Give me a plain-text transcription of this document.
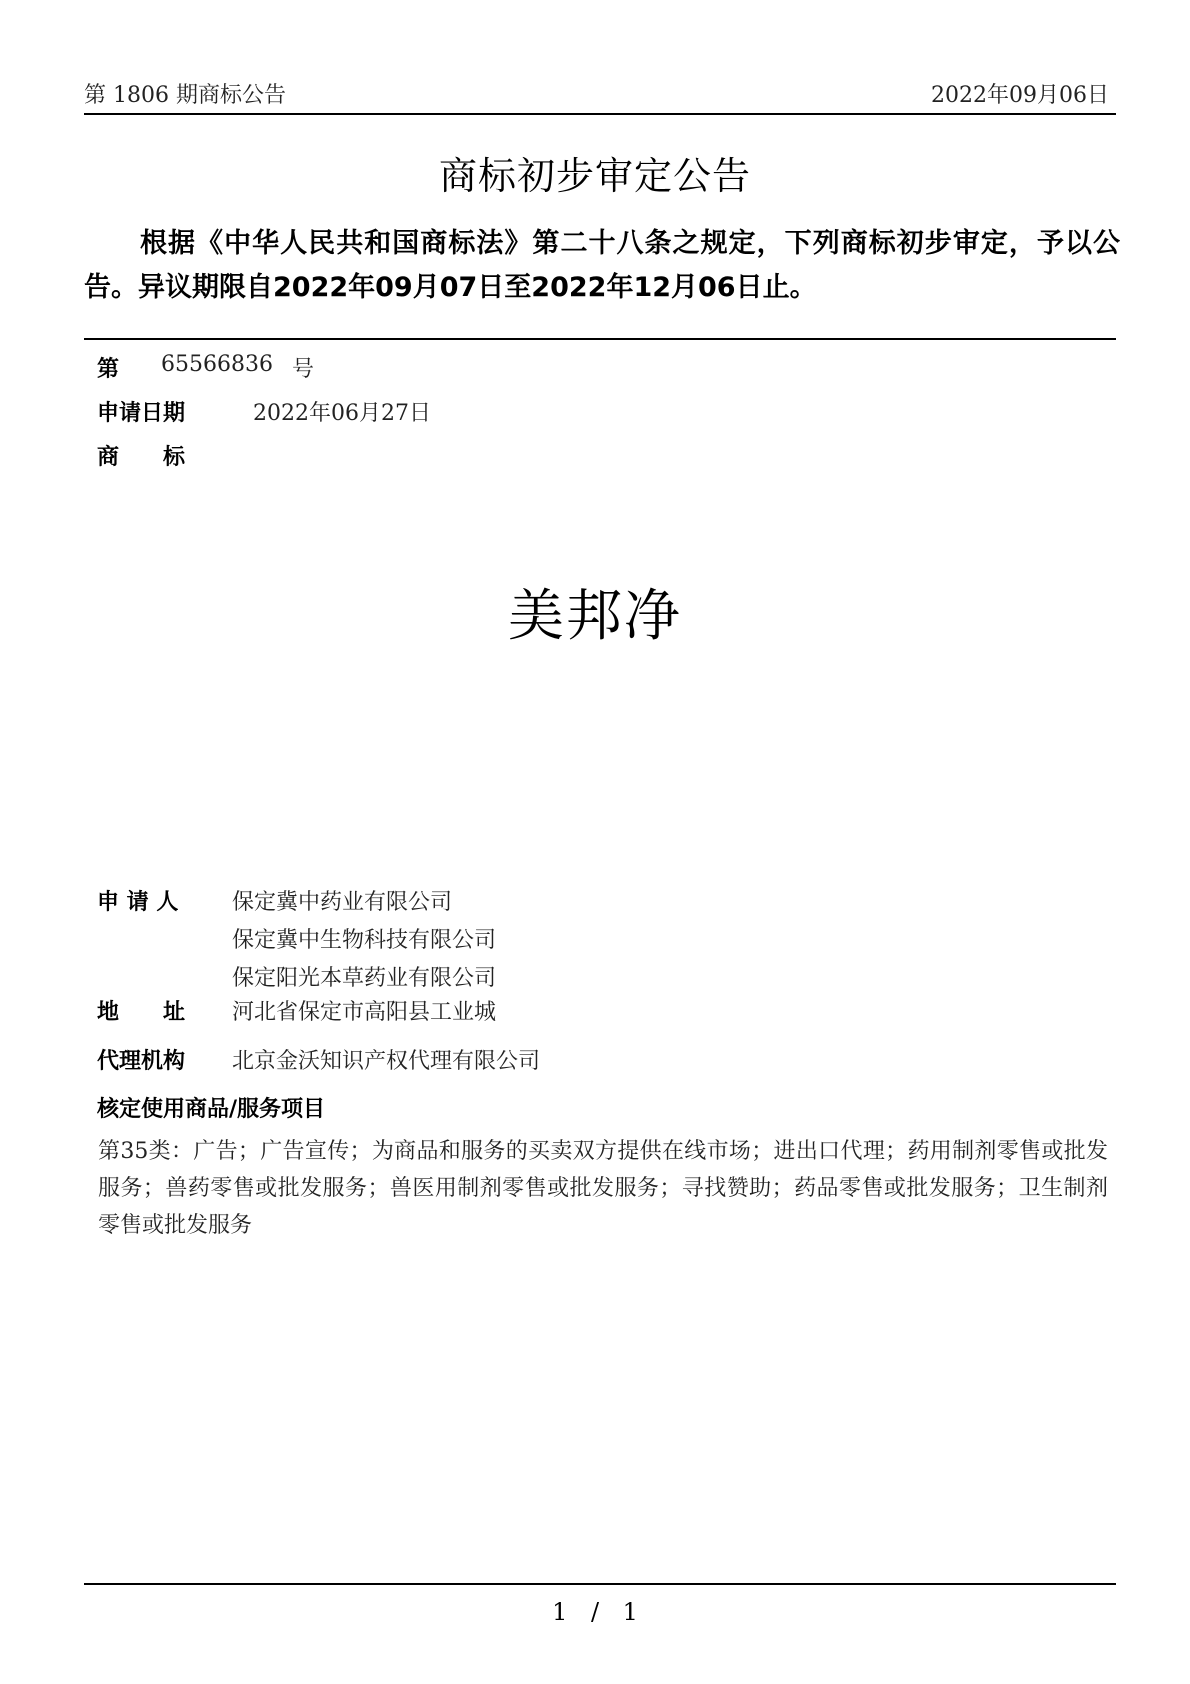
第 1806 期商标公告	2022年09月06日
商标初步审定公告
根据《中华人民共和国商标法》第二十八条之规定，下列商标初步审定，予以公告。异议期限自2022年09月07日至2022年12月06日止。
第 65566836 号
申请日期	2022年06月27日
商　　标
美邦净
申 请 人 保定冀中药业有限公司
保定冀中生物科技有限公司
保定阳光本草药业有限公司
地　　址 河北省保定市高阳县工业城
代理机构 北京金沃知识产权代理有限公司
核定使用商品/服务项目
第35类：广告；广告宣传；为商品和服务的买卖双方提供在线市场；进出口代理；药用制剂零售或批发服务；兽药零售或批发服务；兽医用制剂零售或批发服务；寻找赞助；药品零售或批发服务；卫生制剂零售或批发服务
1 / 1
